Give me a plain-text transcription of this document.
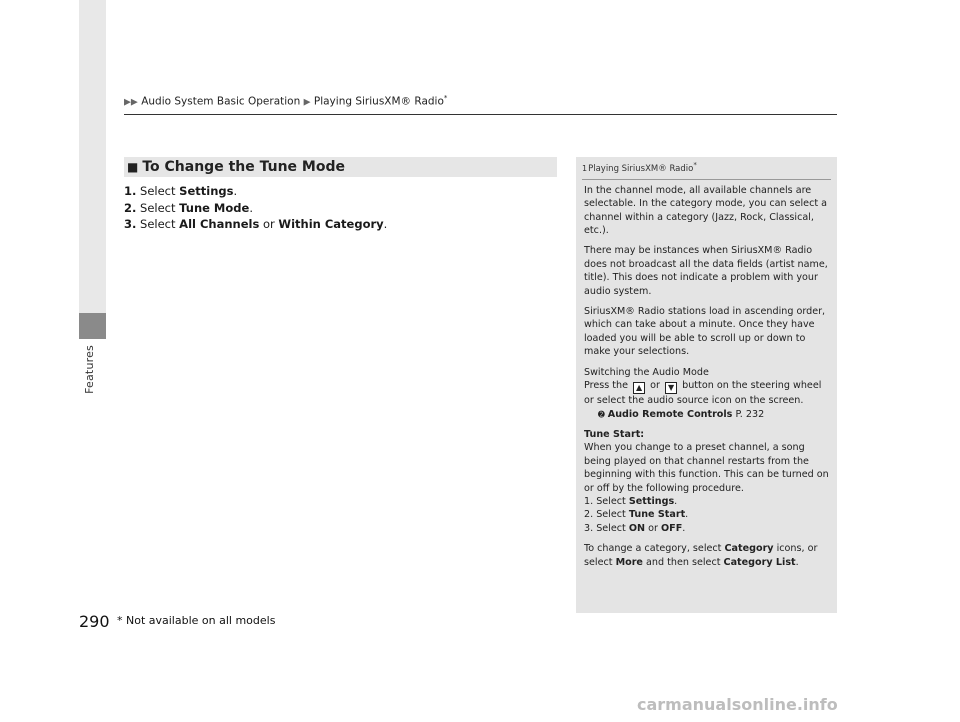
Features
▶▶ Audio System Basic Operation ▶ Playing SiriusXM® Radio*
■ To Change the Tune Mode
1. Select Settings.
2. Select Tune Mode.
3. Select All Channels or Within Category.
1Playing SiriusXM® Radio*

In the channel mode, all available channels are selectable. In the category mode, you can select a channel within a category (Jazz, Rock, Classical, etc.).

There may be instances when SiriusXM® Radio does not broadcast all the data fields (artist name, title). This does not indicate a problem with your audio system.

SiriusXM® Radio stations load in ascending order, which can take about a minute. Once they have loaded you will be able to scroll up or down to make your selections.

Switching the Audio Mode
Press the ▲ or ▼ button on the steering wheel or select the audio source icon on the screen.
➋ Audio Remote Controls P. 232

Tune Start:
When you change to a preset channel, a song being played on that channel restarts from the beginning with this function. This can be turned on or off by the following procedure.
1. Select Settings.
2. Select Tune Start.
3. Select ON or OFF.

To change a category, select Category icons, or select More and then select Category List.

290 * Not available on all models
carmanualsonline.info
